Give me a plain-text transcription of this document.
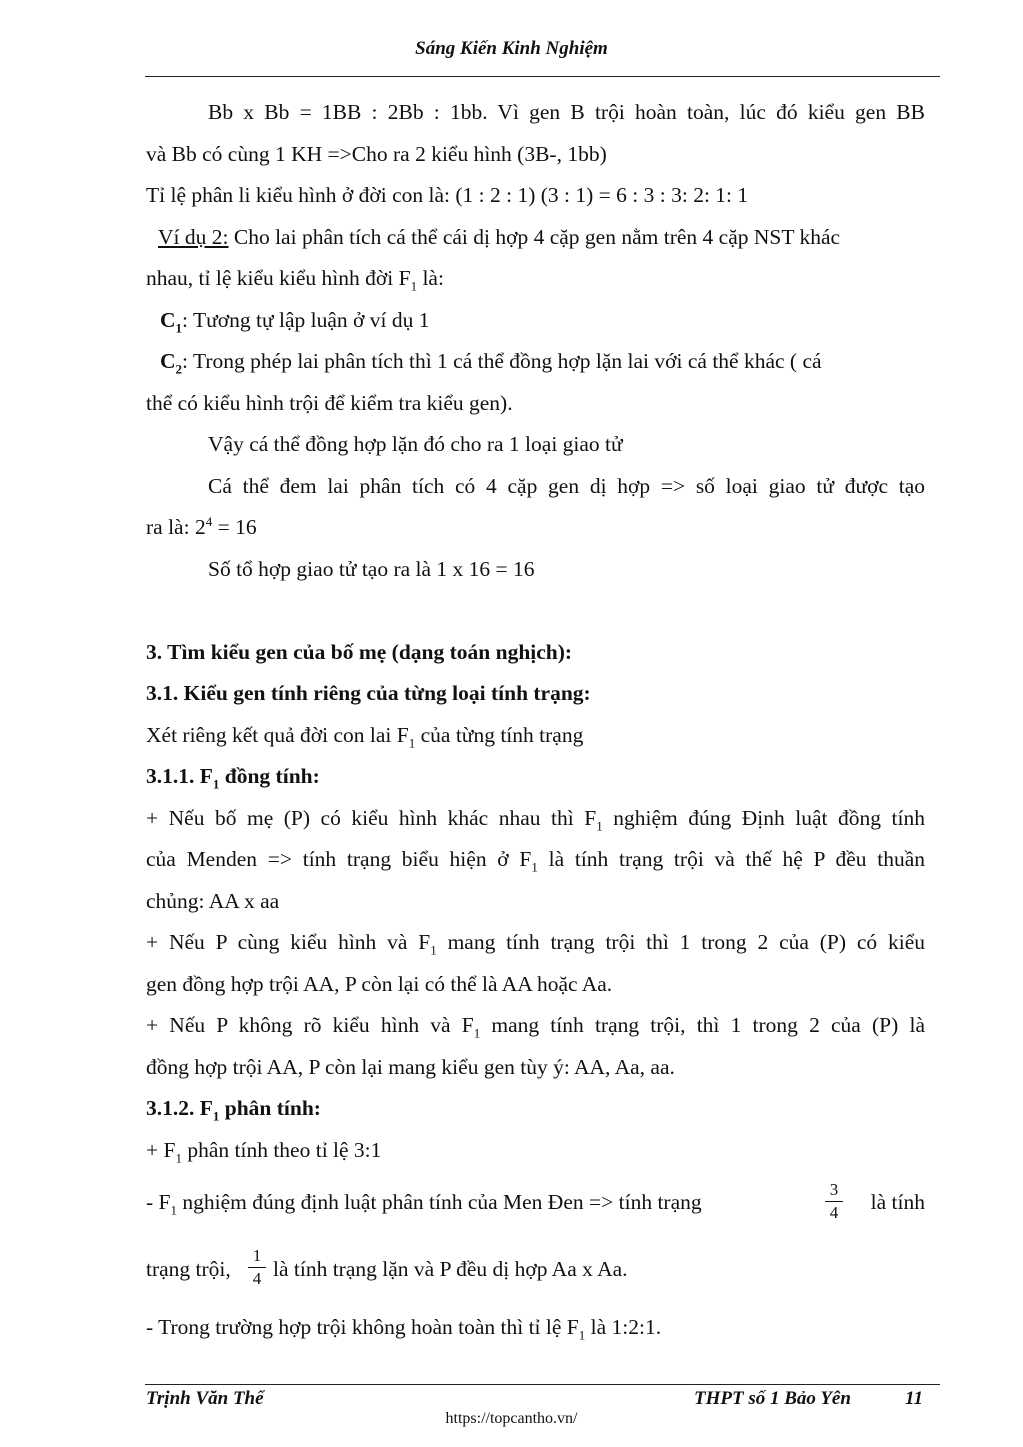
Sáng Kiến Kinh Nghiệm
Bb x Bb = 1BB : 2Bb : 1bb. Vì gen B trội hoàn toàn, lúc đó kiểu gen BB
và Bb có cùng 1 KH =>Cho ra 2 kiểu hình (3B-, 1bb)
Tỉ lệ phân li kiểu hình ở đời con là: (1 : 2 : 1) (3 : 1) = 6 : 3 : 3: 2: 1: 1
Ví dụ 2: Cho lai phân tích cá thể cái dị hợp 4 cặp gen nằm trên 4 cặp NST khác
nhau, tỉ lệ kiểu kiểu hình đời $F_1$ là:
$C_1$: Tương tự lập luận ở ví dụ 1
$C_2$: Trong phép lai phân tích thì 1 cá thể đồng hợp lặn lai với cá thể khác ( cá
thể có kiểu hình trội để kiểm tra kiểu gen).
Vậy cá thể đồng hợp lặn đó cho ra 1 loại giao tử
Cá thể đem lai phân tích có 4 cặp gen dị hợp => số loại giao tử được tạo
ra là: $2^4 = 16$
Số tổ hợp giao tử tạo ra là 1 x 16 = 16
3. Tìm kiểu gen của bố mẹ (dạng toán nghịch):
3.1. Kiểu gen tính riêng của từng loại tính trạng:
Xét riêng kết quả đời con lai $F_1$ của từng tính trạng
3.1.1. $F_1$ đồng tính:
+ Nếu bố mẹ (P) có kiểu hình khác nhau thì $F_1$ nghiệm đúng Định luật đồng tính
của Menden => tính trạng biểu hiện ở $F_1$ là tính trạng trội và thế hệ P đều thuần
chủng: AA x aa
+ Nếu P cùng kiểu hình và $F_1$ mang tính trạng trội thì 1 trong 2 của (P) có kiểu
gen đồng hợp trội AA, P còn lại có thể là AA hoặc Aa.
+ Nếu P không rõ kiểu hình và $F_1$ mang tính trạng trội, thì 1 trong 2 của (P) là
đồng hợp trội AA, P còn lại mang kiểu gen tùy ý: AA, Aa, aa.
3.1.2. $F_1$ phân tính:
+ $F_1$ phân tính theo tỉ lệ 3:1
- $F_1$ nghiệm đúng định luật phân tính của Men Đen => tính trạng
3
4	là tính
trạng trội,
1
4 là tính trạng lặn và P đều dị hợp Aa x Aa.
- Trong trường hợp trội không hoàn toàn thì tỉ lệ $F_1$ là 1:2:1.
Trịnh Văn Thể	THPT số 1 Bảo Yên	11
https://topcantho.vn/
